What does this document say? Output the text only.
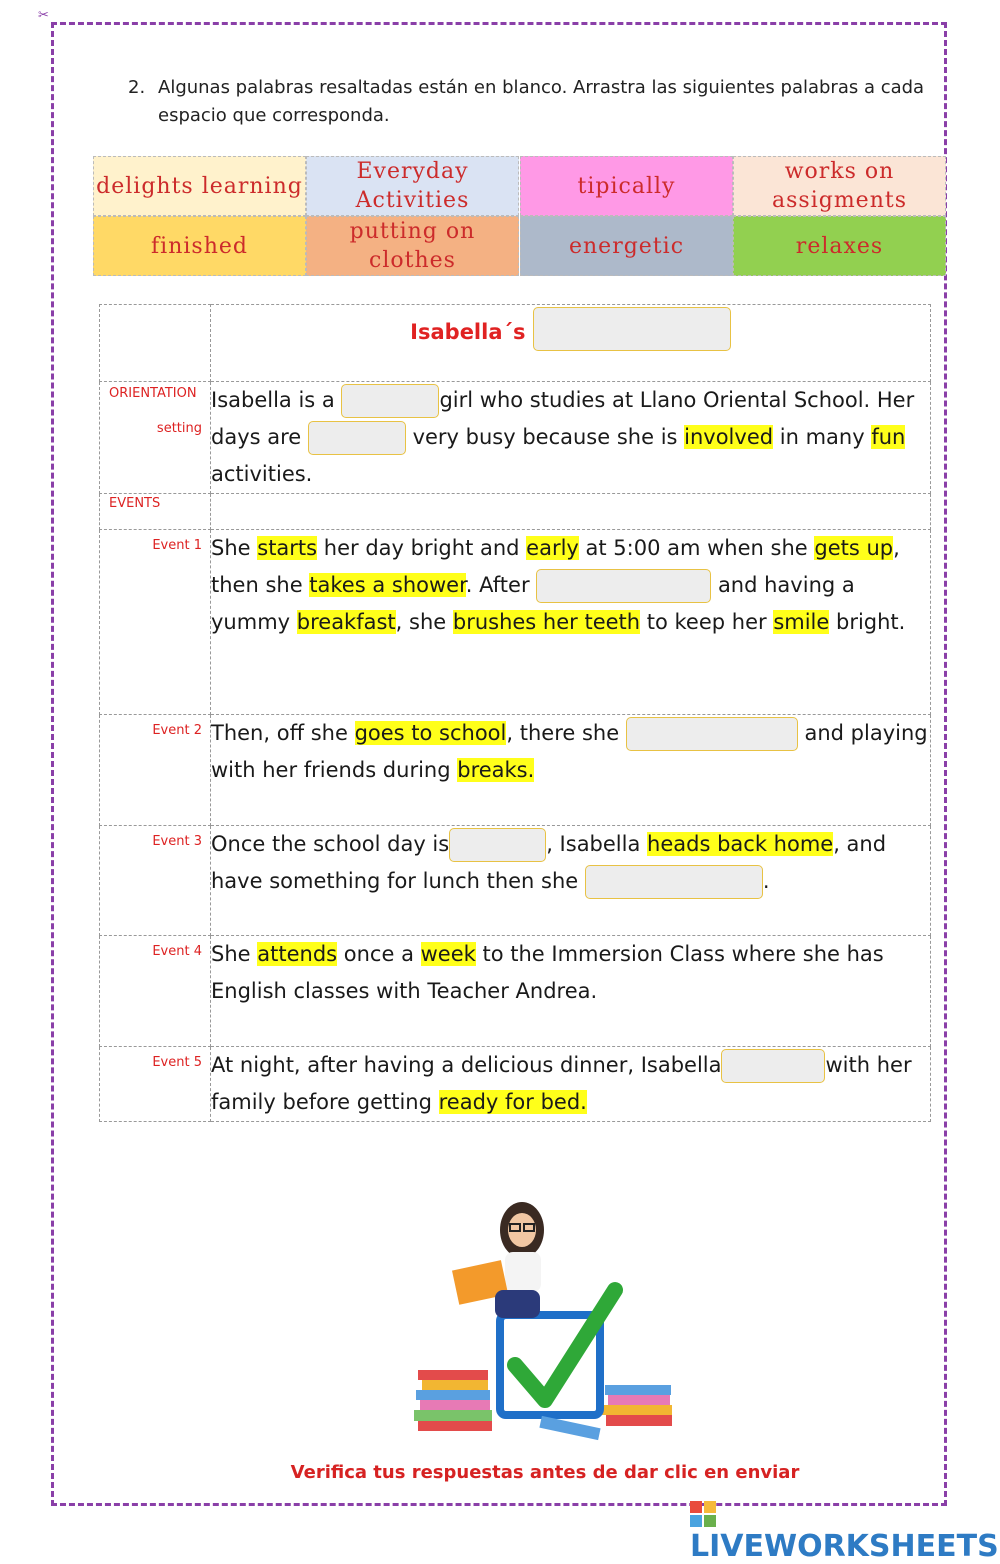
✂
2. Algunas palabras resaltadas están en blanco. Arrastra las siguientes palabras a cada espacio que corresponda.
delights learning
Everyday Activities
tipically
works on assigments
finished
putting on clothes
energetic	relaxes
	Isabella´s

ORIENTATION
setting	Isabella is a girl who studies at Llano Oriental School. Her days are very busy because she is involved in many fun activities.

EVENTS	

Event 1	She starts her day bright and early at 5:00 am when she gets up, then she takes a shower. After and having a yummy breakfast, she brushes her teeth to keep her smile bright.

Event 2	Then, off she goes to school, there she and playing with her friends during breaks.

Event 3	Once the school day is , Isabella heads back home, and have something for lunch then she .

Event 4	She attends once a week to the Immersion Class where she has English classes with Teacher Andrea.

Event 5	At night, after having a delicious dinner, Isabella with her family before getting ready for bed.
Verifica tus respuestas antes de dar clic en enviar
LIVEWORKSHEETS
